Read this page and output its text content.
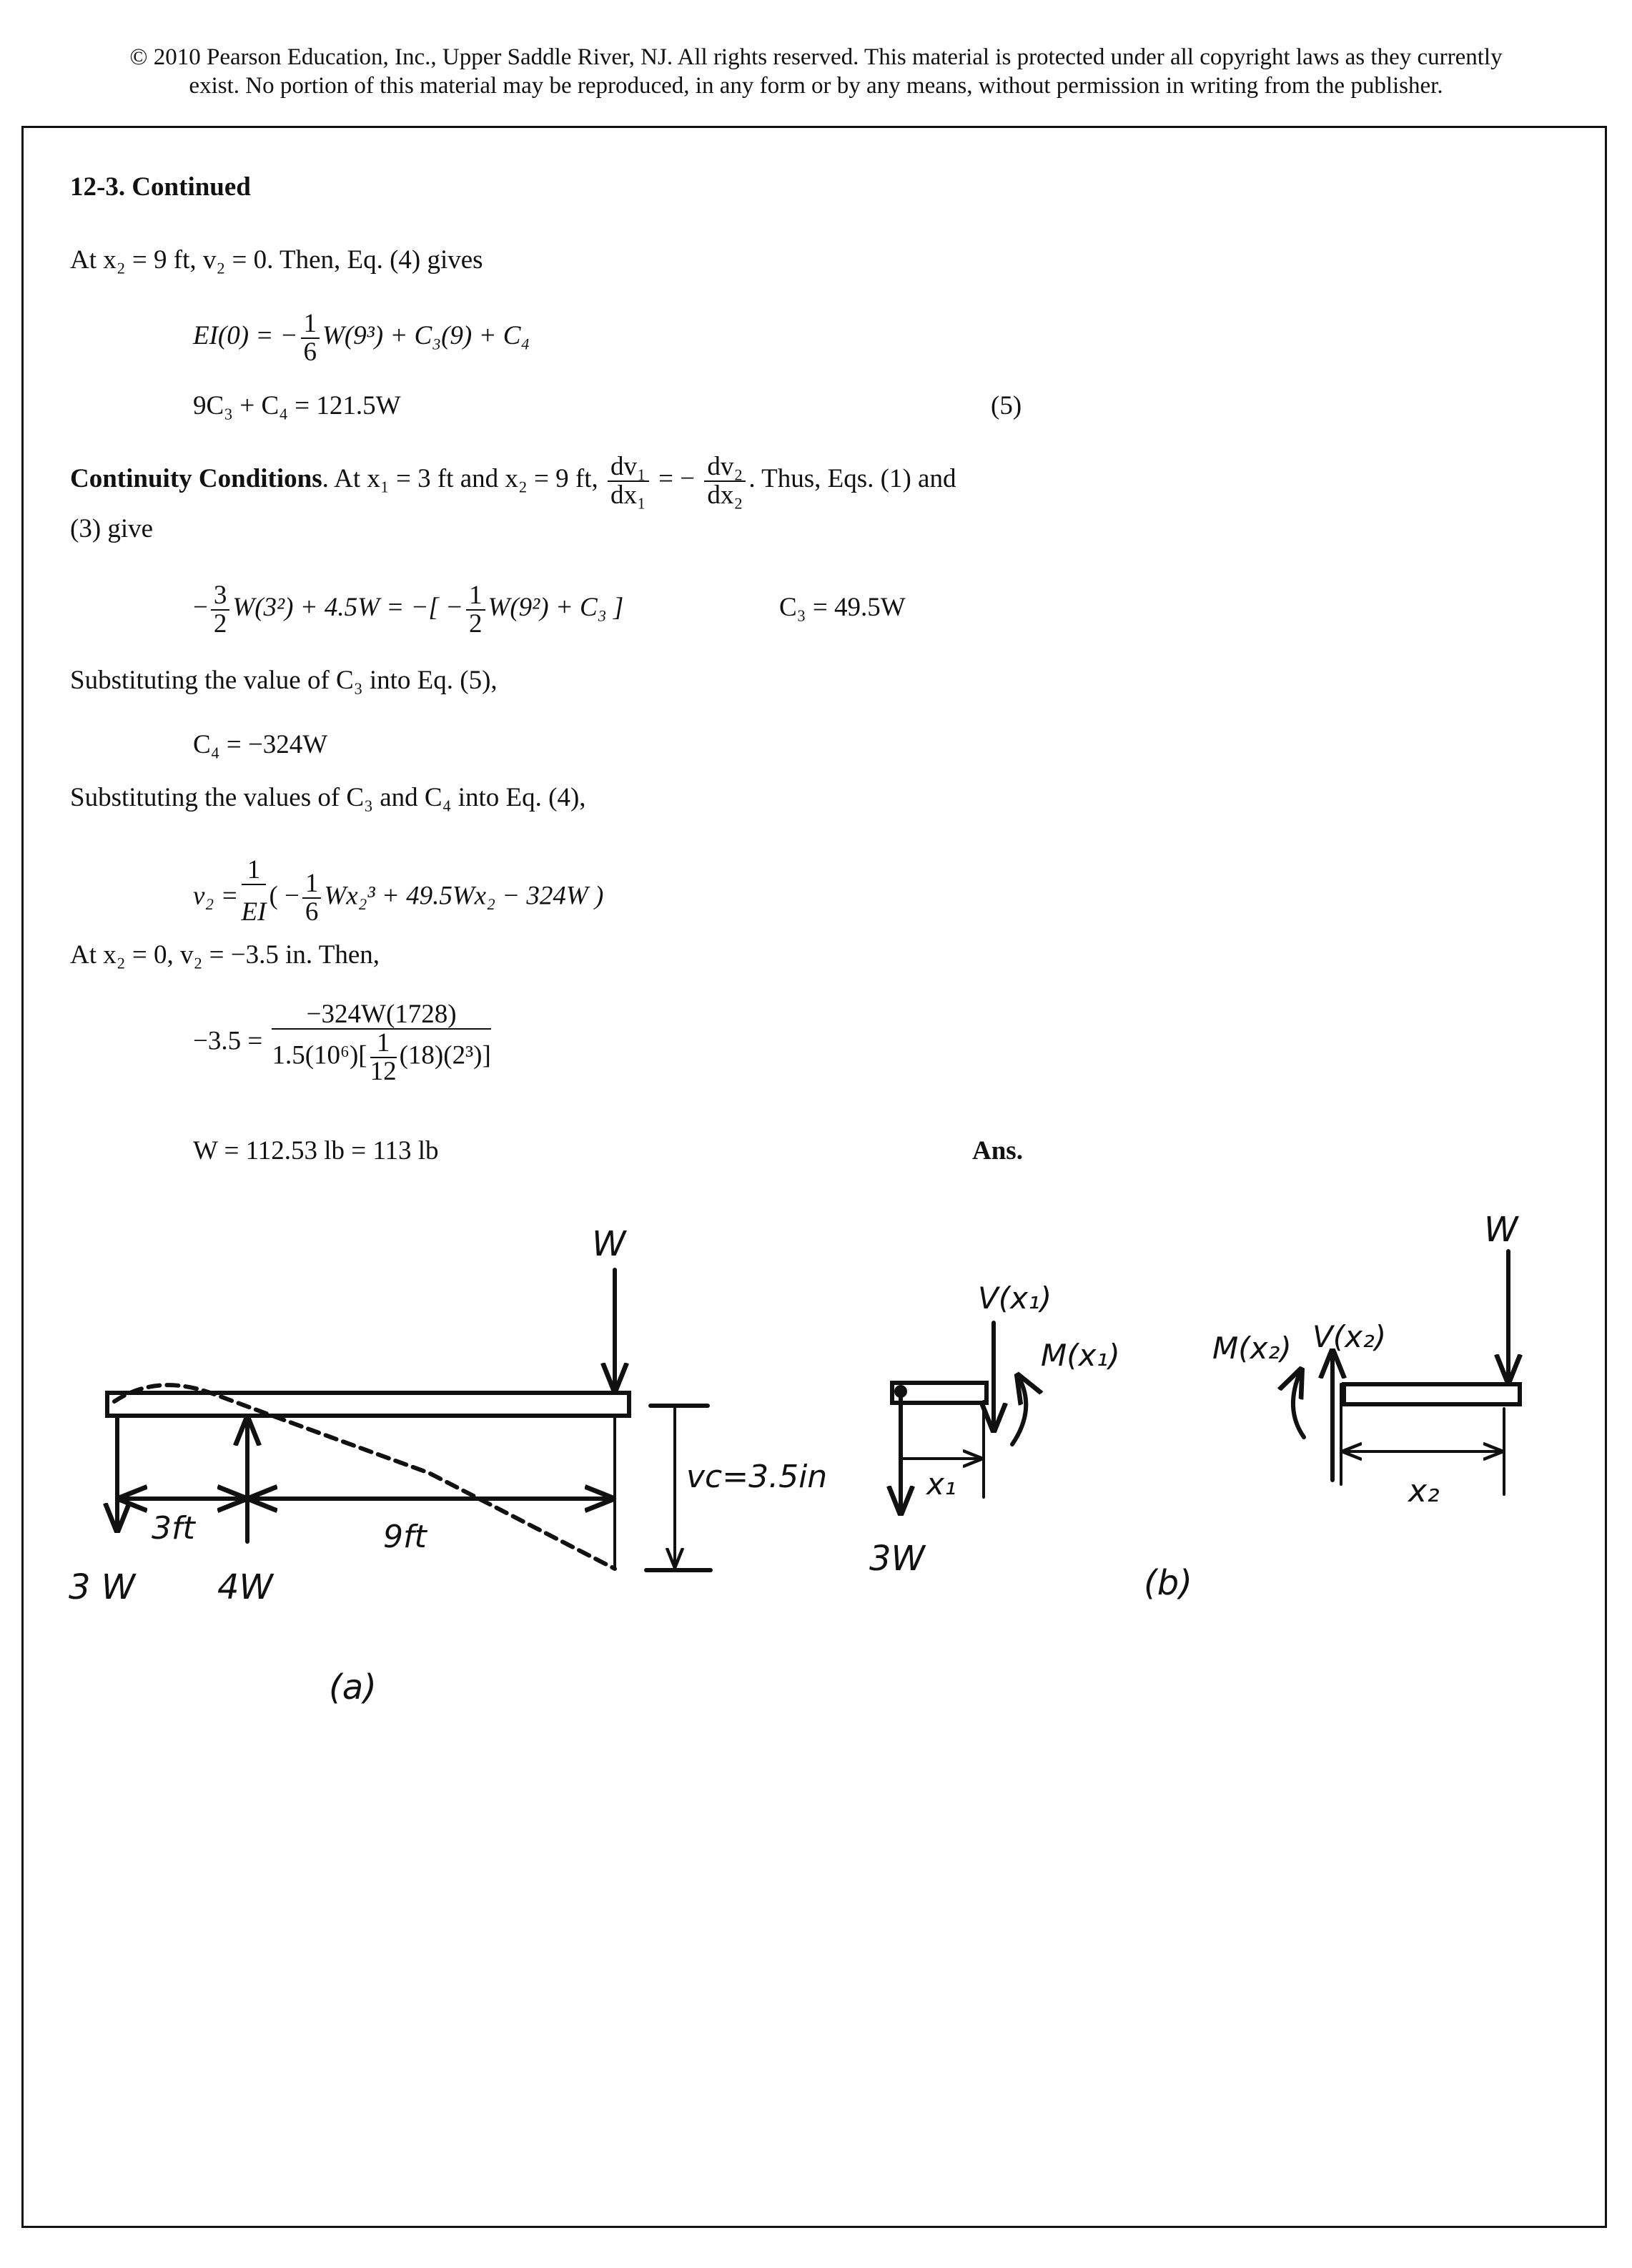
© 2010 Pearson Education, Inc., Upper Saddle River, NJ. All rights reserved. This material is protected under all copyright laws as they currently
exist. No portion of this material may be reproduced, in any form or by any means, without permission in writing from the publisher.
12-3. Continued
At x₂ = 9 ft, v₂ = 0. Then, Eq. (4) gives
EI(0) = − $\frac{1}{6} W(9^3) + C_3(9) + C_4$
9C₃ + C₄ = 121.5W	(5)
Continuity Conditions. At x₁ = 3 ft and x₂ = 9 ft, $\frac{\text{dv₁}}{\text{dx₁}}$ = − $\frac{\text{dv₂}}{\text{dx₂}}$ . Thus, Eqs. (1) and
(3) give
− $\frac{3}{2} W(3^2) + 4.5W$ = −[ − $\frac{1}{2} W(9^2) + C_3$ ]	C₃ = 49.5W
Substituting the value of C₃ into Eq. (5),
C₄ = −324W
Substituting the values of C₃ and C₄ into Eq. (4),
$v_2 = \frac{1}{EI}$ ( − $\frac{1}{6} Wx_2^3 + 49.5Wx_2 - 324W$ )
At x₂ = 0, v₂ = −3.5 in. Then,
$-3.5 = \frac{-324W(1728)}{1.5(10^6)[ \frac{1}{12} (18)(2^3)]}$
W = 112.53 lb = 113 lb	Ans.
W
3 W	4W
3ft	9ft
vc=3.5in
(a)
V(x₁)
M(x₁)
x₁
3W
W
V(x₂)
M(x₂)
x₂
(b)
